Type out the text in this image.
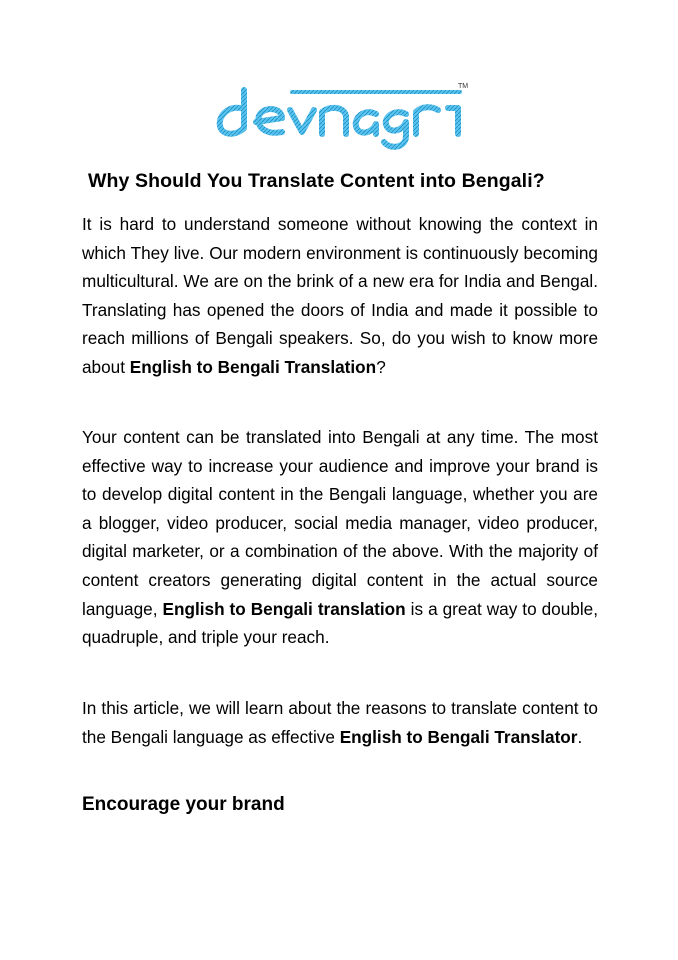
TM
Why Should You Translate Content into Bengali?

It is hard to understand someone without knowing the context in which They live. Our modern environment is continuously becoming multicultural. We are on the brink of a new era for India and Bengal. Translating has opened the doors of India and made it possible to reach millions of Bengali speakers. So, do you wish to know more about English to Bengali Translation?

Your content can be translated into Bengali at any time. The most effective way to increase your audience and improve your brand is to develop digital content in the Bengali language, whether you are a blogger, video producer, social media manager, video producer, digital marketer, or a combination of the above. With the majority of content creators generating digital content in the actual source language, English to Bengali translation is a great way to double, quadruple, and triple your reach.

In this article, we will learn about the reasons to translate content to the Bengali language as effective English to Bengali Translator.

Encourage your brand
